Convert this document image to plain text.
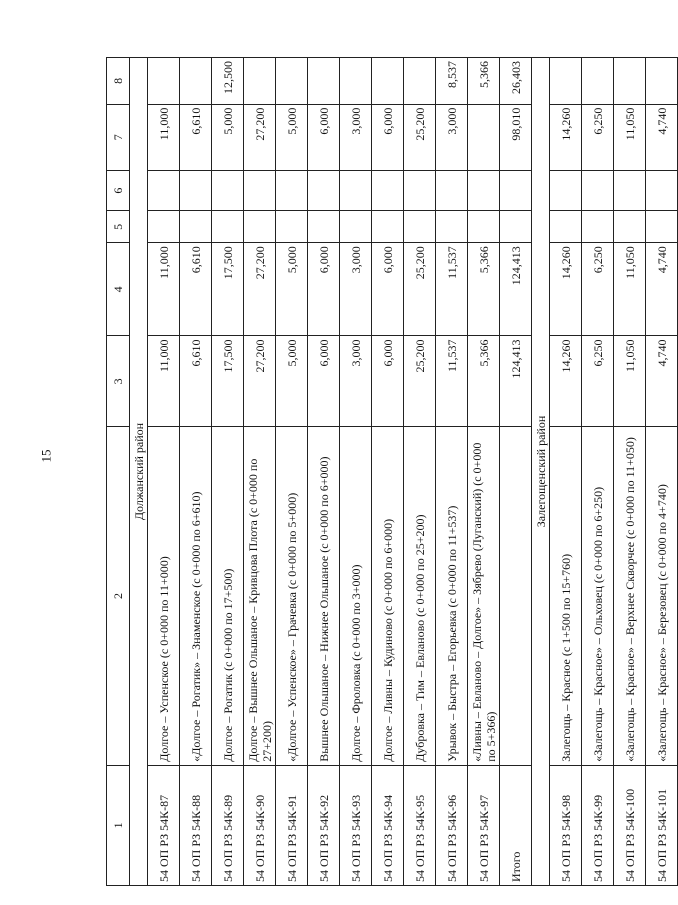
15
1	2	3	4	5	6	7	8
Должанский район							
54 ОП РЗ 54К-87	Долгое – Успенское (с 0+000 по 11+000)	11,000	11,000			11,000	
54 ОП РЗ 54К-88	«Долгое – Рогатик» – Знаменское (с 0+000 по 6+610)	6,610	6,610			6,610	
54 ОП РЗ 54К-89	Долгое – Рогатик (с 0+000 по 17+500)	17,500	17,500			5,000	12,500
54 ОП РЗ 54К-90	Долгое – Вышнее Ольшаное – Кривцова Плота (с 0+000 по 27+200)	27,200	27,200			27,200	
54 ОП РЗ 54К-91	«Долгое – Успенское» – Грачевка (с 0+000 по 5+000)	5,000	5,000			5,000	
54 ОП РЗ 54К-92	Вышнее Ольшаное – Нижнее Ольшаное (с 0+000 по 6+000)	6,000	6,000			6,000	
54 ОП РЗ 54К-93	Долгое – Фроловка (с 0+000 по 3+000)	3,000	3,000			3,000	
54 ОП РЗ 54К-94	Долгое – Ливны – Кудиново (с 0+000 по 6+000)	6,000	6,000			6,000	
54 ОП РЗ 54К-95	Дубровка – Тим – Евланово (с 0+000 по 25+200)	25,200	25,200			25,200	
54 ОП РЗ 54К-96	Урывок – Быстра – Егорьевка (с 0+000 по 11+537)	11,537	11,537			3,000	8,537
54 ОП РЗ 54К-97	«Ливны – Евланово – Долгое» – Зябрево (Луганский) (с 0+000 по 5+366)	5,366	5,366				5,366
Итого		124,413	124,413			98,010	26,403
Залегощенский район							
54 ОП РЗ 54К-98	Залегощь – Красное (с 1+500 по 15+760)	14,260	14,260			14,260	
54 ОП РЗ 54К-99	«Залегощь – Красное» – Ольховец (с 0+000 по 6+250)	6,250	6,250			6,250	
54 ОП РЗ 54К-100	«Залегощь – Красное» – Верхнее Скворчее (с 0+000 по 11+050)	11,050	11,050			11,050	
54 ОП РЗ 54К-101	«Залегощь – Красное» – Березовец (с 0+000 по 4+740)	4,740	4,740			4,740	
